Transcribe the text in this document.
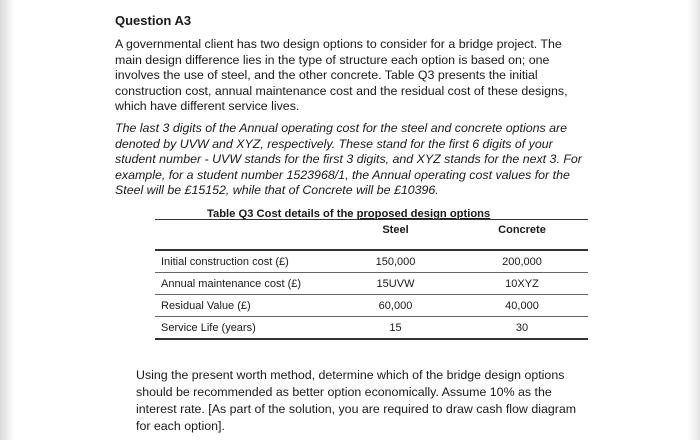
Question A3
A governmental client has two design options to consider for a bridge project. The main design difference lies in the type of structure each option is based on; one involves the use of steel, and the other concrete. Table Q3 presents the initial construction cost, annual maintenance cost and the residual cost of these designs, which have different service lives.
The last 3 digits of the Annual operating cost for the steel and concrete options are denoted by UVW and XYZ, respectively. These stand for the first 6 digits of your student number - UVW stands for the first 3 digits, and XYZ stands for the next 3. For example, for a student number 1523968/1, the Annual operating cost values for the Steel will be £15152, while that of Concrete will be £10396.
Table Q3 Cost details of the proposed design options
	Steel	Concrete

Initial construction cost (£)	150,000	200,000
Annual maintenance cost (£)	15UVW	10XYZ
Residual Value (£)	60,000	40,000
Service Life (years)	15	30
Using the present worth method, determine which of the bridge design options should be recommended as better option economically. Assume 10% as the interest rate. [As part of the solution, you are required to draw cash flow diagram for each option].
